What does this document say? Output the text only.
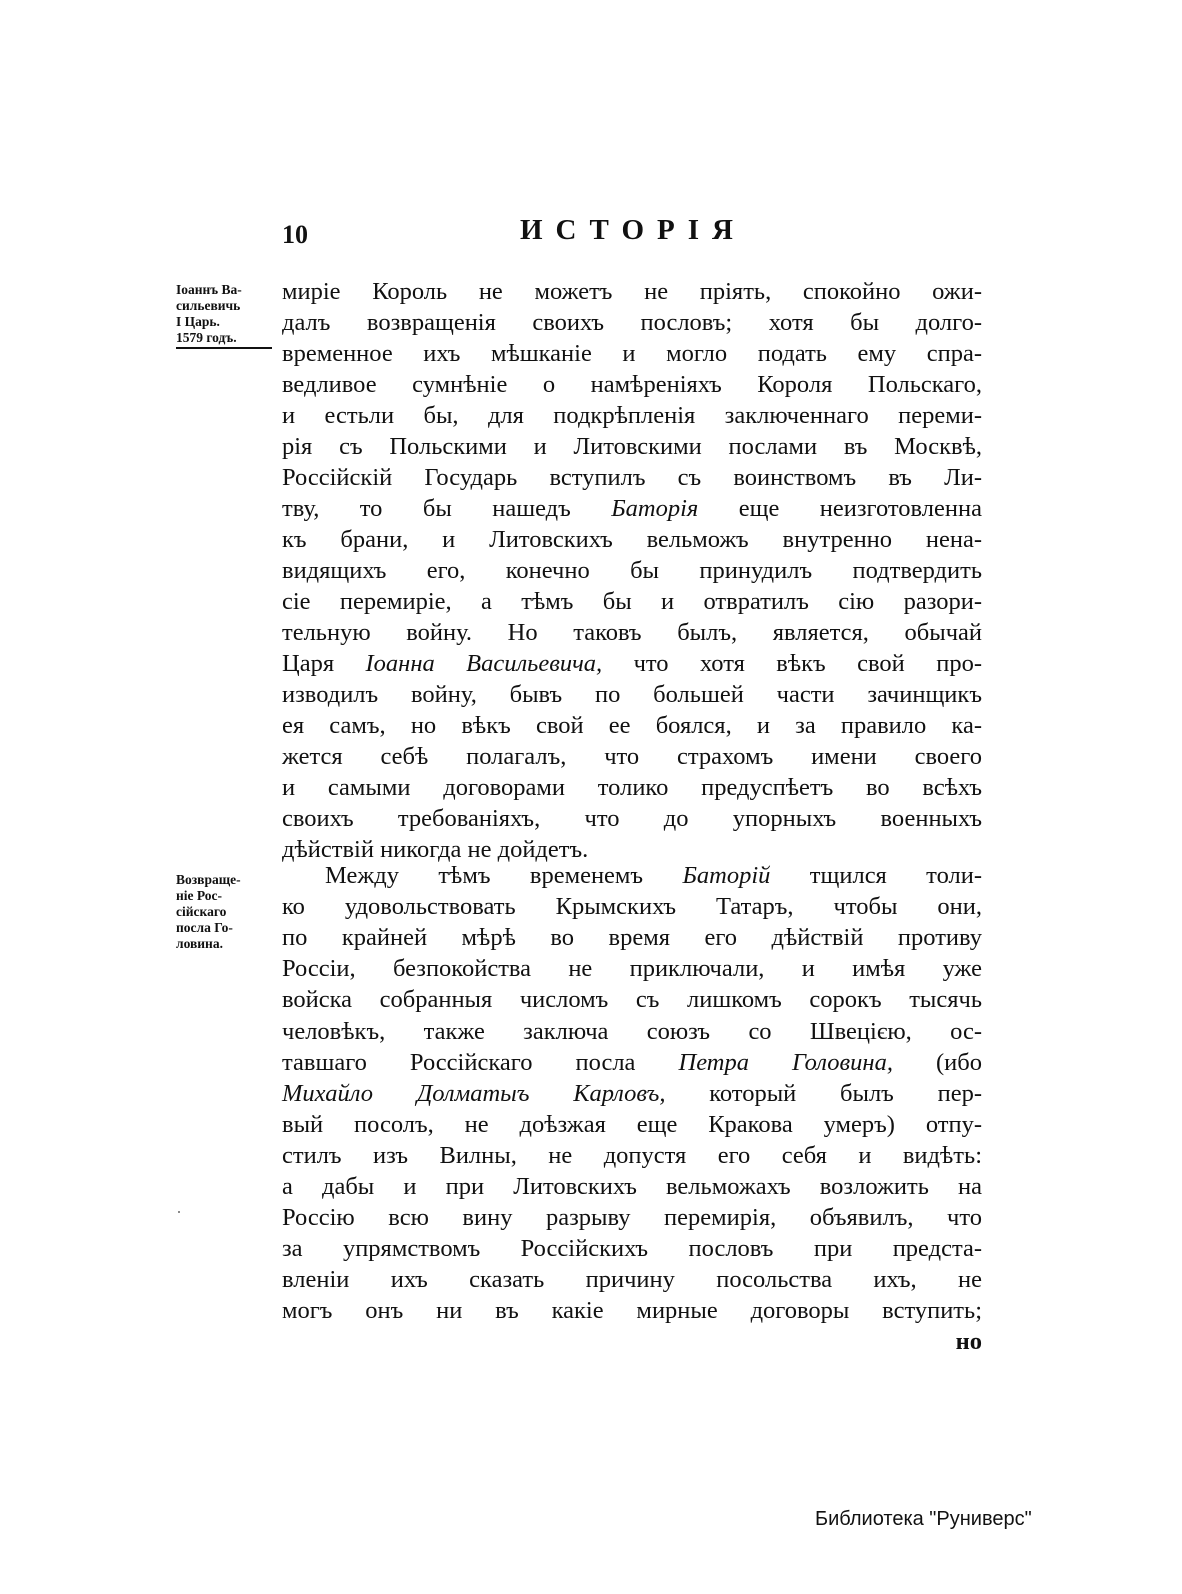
10	ИСТОРІЯ
Іоаннъ Ва-
сильевичь
I Царь.
1579 годъ.
Возвраще-
ніе Рос-
сійскаго
посла Го-
ловина.
миріе Король не можетъ не пріять, спокойно ожи-
далъ возвращенія своихъ пословъ; хотя бы долго-
временное ихъ мѣшканіе и могло подать ему спра-
ведливое сумнѣніе о намѣреніяхъ Короля Польскаго,
и естьли бы, для подкрѣпленія заключеннаго переми-
рія съ Польскими и Литовскими послами въ Москвѣ,
Россійскій Государь вступилъ съ воинствомъ въ Ли-
тву, то бы нашедъ Баторія еще неизготовленна
къ брани, и Литовскихъ вельможъ внутренно нена-
видящихъ его, конечно бы принудилъ подтвердить
сіе перемиріе, а тѣмъ бы и отвратилъ сію разори-
тельную войну. Но таковъ былъ, является, обычай
Царя Іоанна Васильевича, что хотя вѣкъ свой про-
изводилъ войну, бывъ по большей части зачинщикъ
ея самъ, но вѣкъ свой ее боялся, и за правило ка-
жется себѣ полагалъ, что страхомъ имени своего
и самыми договорами толико предуспѣетъ во всѣхъ
своихъ требованіяхъ, что до упорныхъ военныхъ
дѣйствій никогда не дойдетъ.
Между тѣмъ временемъ Баторій тщился толи-
ко удовольствовать Крымскихъ Татаръ, чтобы они,
по крайней мѣрѣ во время его дѣйствій противу
Россіи, безпокойства не приключали, и имѣя уже
войска собранныя числомъ съ лишкомъ сорокъ тысячь
человѣкъ, также заключа союзъ со Швецією, ос-
тавшаго Россійскаго посла Петра Головина, (ибо
Михайло Долматыъ Карловъ, который былъ пер-
вый посолъ, не доѣзжая еще Кракова умеръ) отпу-
стилъ изъ Вилны, не допустя его себя и видѣть:
а дабы и при Литовскихъ вельможахъ возложить на
Россію всю вину разрыву перемирія, объявилъ, что
за упрямствомъ Россійскихъ пословъ при предста-
вленіи ихъ сказать причину посольства ихъ, не
могъ онъ ни въ какіе мирные договоры вступить;
но
Библиотека "Руниверс"
